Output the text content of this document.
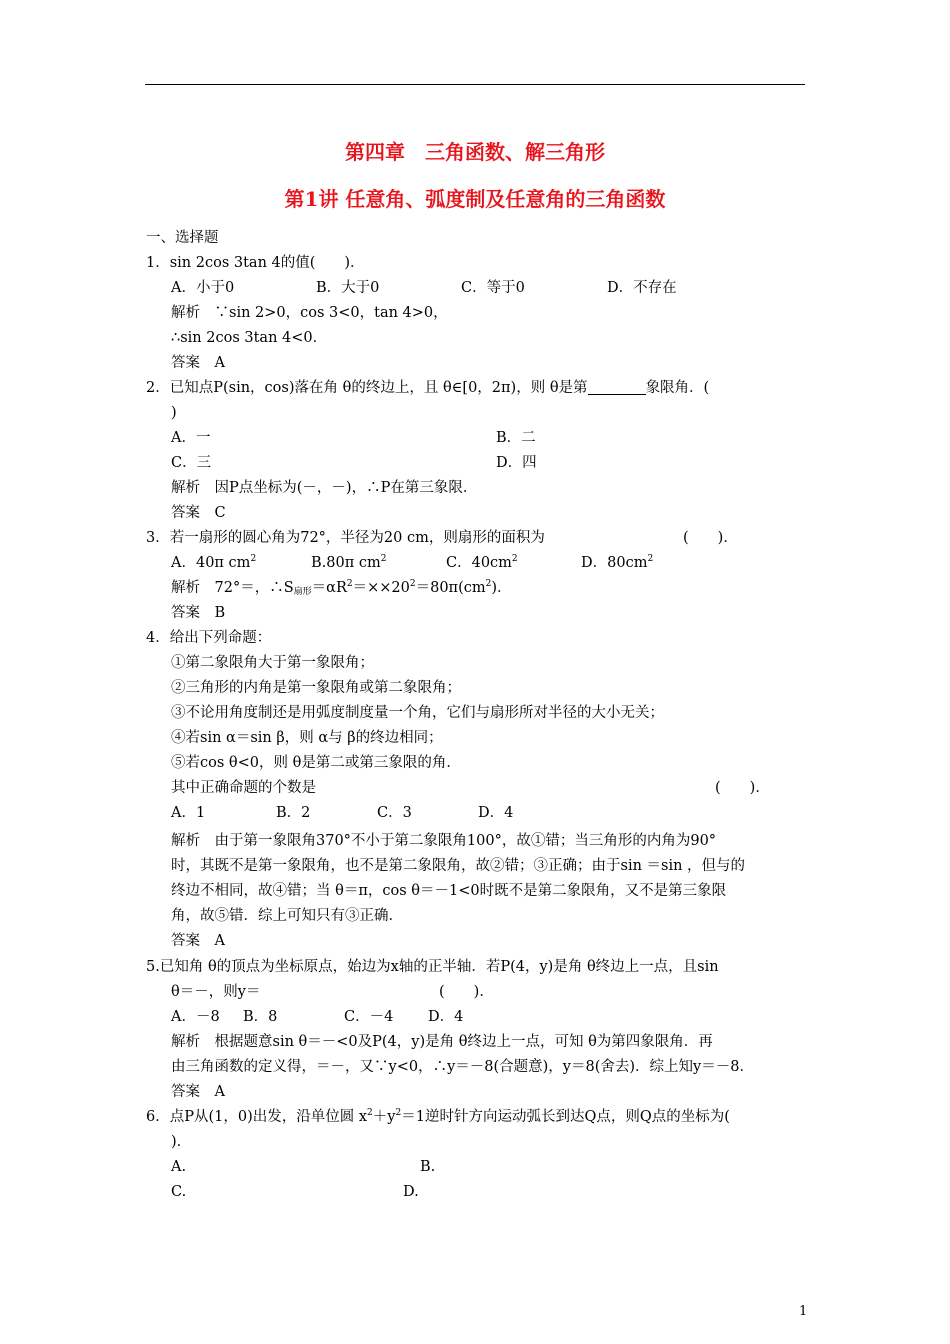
第四章　三角函数、解三角形
第1讲 任意角、弧度制及任意角的三角函数
一、选择题
1．sin 2cos 3tan 4的值(　　)．
A．小于0	B．大于0	C．等于0	D．不存在
解析　∵sin 2>0，cos 3<0，tan 4>0，
∴sin 2cos 3tan 4<0．
答案　A
2．已知点P(sin，cos)落在角 θ的终边上，且 θ∈[0，2π)，则 θ是第	象限角．(
)
A．一	B．二
C．三	D．四
解析　因P点坐标为(－，－)，∴P在第三象限．
答案　C
3．若一扇形的圆心角为72°，半径为20 cm，则扇形的面积为	(　　)．
A．40π $cm^2$	B.80π $cm^2$	C．$40cm^2$	D．$80cm^2$
解析　72°＝，$\therefore S_{扇形}=\alpha R^2=\times\times 20^2=80\pi(cm^2)$．
答案　B
4．给出下列命题：
①第二象限角大于第一象限角；
②三角形的内角是第一象限角或第二象限角；
③不论用角度制还是用弧度制度量一个角，它们与扇形所对半径的大小无关；
④若sin α＝sin β，则 α与 β的终边相同；
⑤若cos θ<0，则 θ是第二或第三象限的角．
其中正确命题的个数是	(　　)．
A．1	B．2	C．3	D．4
解析　由于第一象限角370°不小于第二象限角100°，故①错；当三角形的内角为90°
时，其既不是第一象限角，也不是第二象限角，故②错；③正确；由于sin ＝sin ，但与的
终边不相同，故④错；当 θ＝π，cos θ＝－1<0时既不是第二象限角，又不是第三象限
角，故⑤错．综上可知只有③正确．
答案　A
5.已知角 θ的顶点为坐标原点，始边为x轴的正半轴．若P(4，y)是角 θ终边上一点，且sin
θ＝－，则y＝	(　　)．
A．－8 B．8	C．－4 D．4
解析　根据题意sin θ＝－<0及P(4，y)是角 θ终边上一点，可知 θ为第四象限角．再
由三角函数的定义得，＝－，又∵y<0，∴y＝－8(合题意)，y＝8(舍去)．综上知y＝－8．
答案　A
6．点P从(1，0)出发，沿单位圆 $x^2+y^2=1$逆时针方向运动弧长到达Q点，则Q点的坐标为(
)．
A.	B.
C.	D.
1
